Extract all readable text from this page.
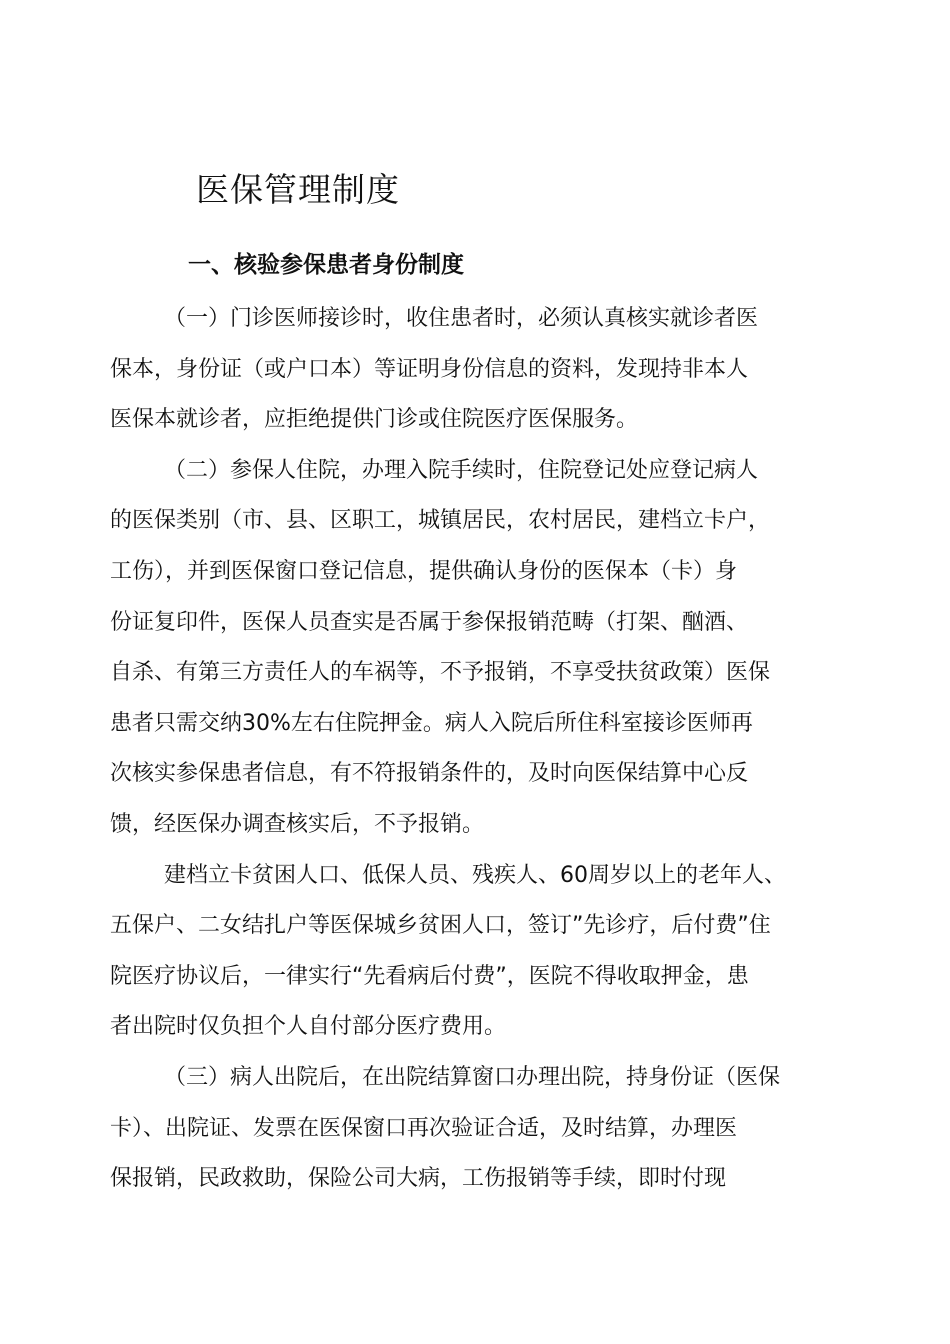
医保管理制度
一、核验参保患者身份制度
（一）门诊医师接诊时，收住患者时，必须认真核实就诊者医
保本，身份证（或户口本）等证明身份信息的资料，发现持非本人
医保本就诊者，应拒绝提供门诊或住院医疗医保服务。
（二）参保人住院，办理入院手续时，住院登记处应登记病人
的医保类别（市、县、区职工，城镇居民，农村居民，建档立卡户，
工伤），并到医保窗口登记信息，提供确认身份的医保本（卡）身
份证复印件，医保人员查实是否属于参保报销范畴（打架、酗酒、
自杀、有第三方责任人的车祸等，不予报销，不享受扶贫政策）医保
患者只需交纳30%左右住院押金。病人入院后所住科室接诊医师再
次核实参保患者信息，有不符报销条件的，及时向医保结算中心反
馈，经医保办调查核实后，不予报销。
建档立卡贫困人口、低保人员、残疾人、60周岁以上的老年人、
五保户、二女结扎户等医保城乡贫困人口，签订”先诊疗，后付费”住
院医疗协议后，一律实行“先看病后付费”，医院不得收取押金，患
者出院时仅负担个人自付部分医疗费用。
（三）病人出院后，在出院结算窗口办理出院，持身份证（医保
卡）、出院证、发票在医保窗口再次验证合适，及时结算，办理医
保报销，民政救助，保险公司大病，工伤报销等手续，即时付现
